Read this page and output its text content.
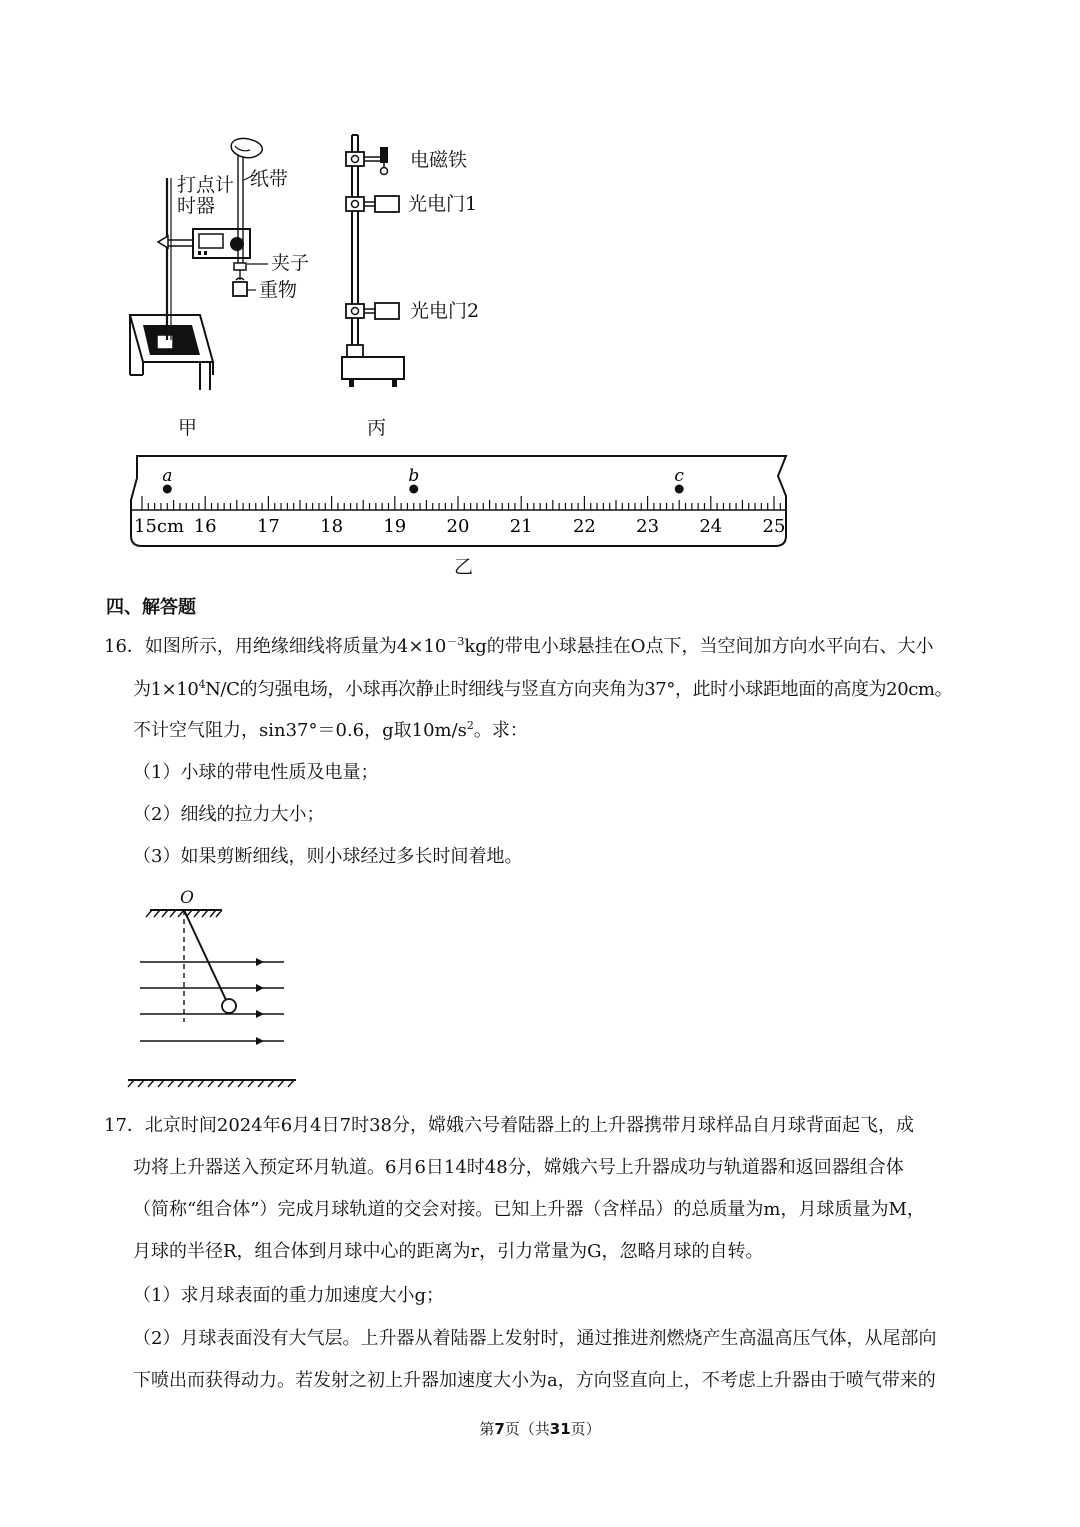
打点计
时器
纸带
夹子
重物
甲
电磁铁
光电门1
光电门2
丙
15cm 16 17 18 19 20 21 22 23 24 25
a	b	c
乙
四、解答题
16．如图所示，用绝缘细线将质量为$4\times 10^{-3}kg$的带电小球悬挂在O点下，当空间加方向水平向右、大小
为$1\times 10^4N/C$的匀强电场，小球再次静止时细线与竖直方向夹角为37°，此时小球距地面的高度为20cm。
不计空气阻力，sin37°＝0.6，g取$10m/s^2$。求：
（1）小球的带电性质及电量；
（2）细线的拉力大小；
（3）如果剪断细线，则小球经过多长时间着地。
O
17．北京时间2024年6月4日7时38分，嫦娥六号着陆器上的上升器携带月球样品自月球背面起飞，成
功将上升器送入预定环月轨道。6月6日14时48分，嫦娥六号上升器成功与轨道器和返回器组合体
（简称“组合体”）完成月球轨道的交会对接。已知上升器（含样品）的总质量为m，月球质量为M，
月球的半径R，组合体到月球中心的距离为r，引力常量为G，忽略月球的自转。
（1）求月球表面的重力加速度大小g；
（2）月球表面没有大气层。上升器从着陆器上发射时，通过推进剂燃烧产生高温高压气体，从尾部向
下喷出而获得动力。若发射之初上升器加速度大小为a，方向竖直向上，不考虑上升器由于喷气带来的
第7页（共31页）
